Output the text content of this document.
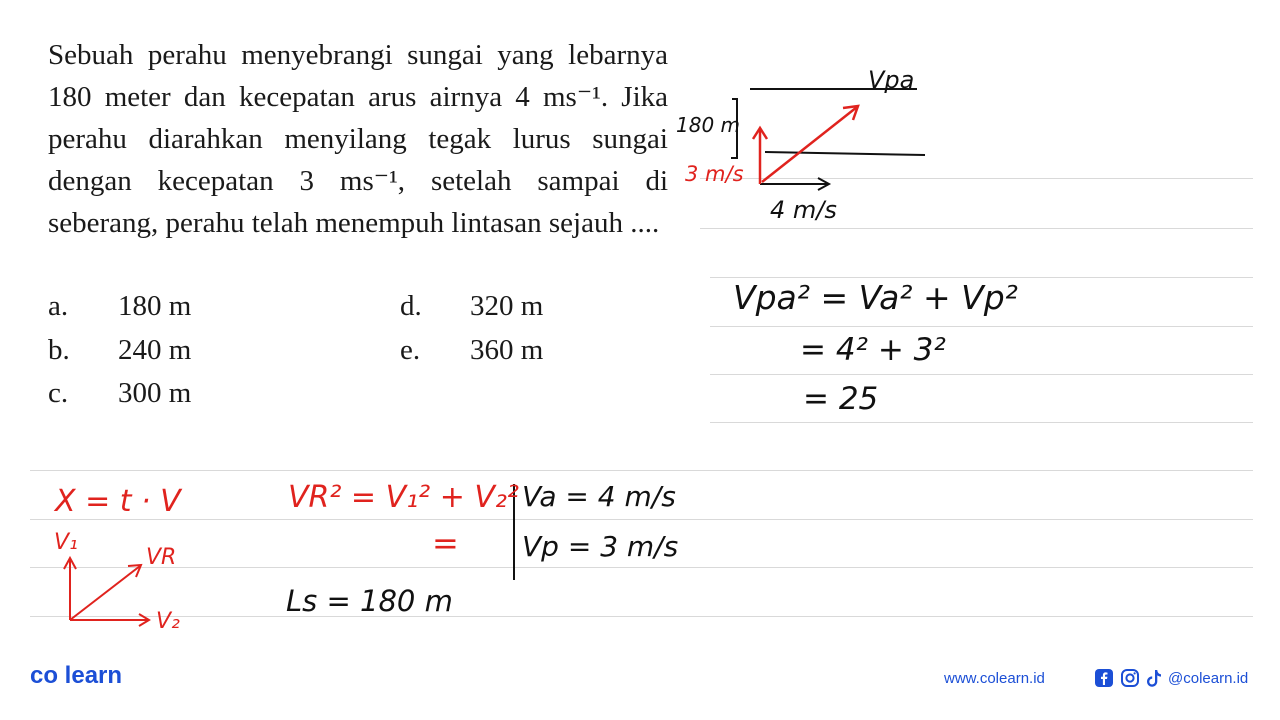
Sebuah perahu menyebrangi sungai yang lebarnya 180 meter dan kecepatan arus airnya 4 ms⁻¹. Jika perahu diarahkan menyilang tegak lurus sungai dengan kecepatan 3 ms⁻¹, setelah sampai di seberang, perahu telah menempuh lintasan sejauh ....
a. 180 m
b. 240 m
c. 300 m
d. 320 m
e. 360 m
Vpa
180 m
3 m/s
4 m/s
Vpa² = Va² + Vp²
= 4² + 3²
= 25
X = t · V	VR² = V₁² + V₂²
=
Va = 4 m/s
Vp = 3 m/s
Ls = 180 m
V₁
VR
V₂
co learn	www.colearn.id	@colearn.id
